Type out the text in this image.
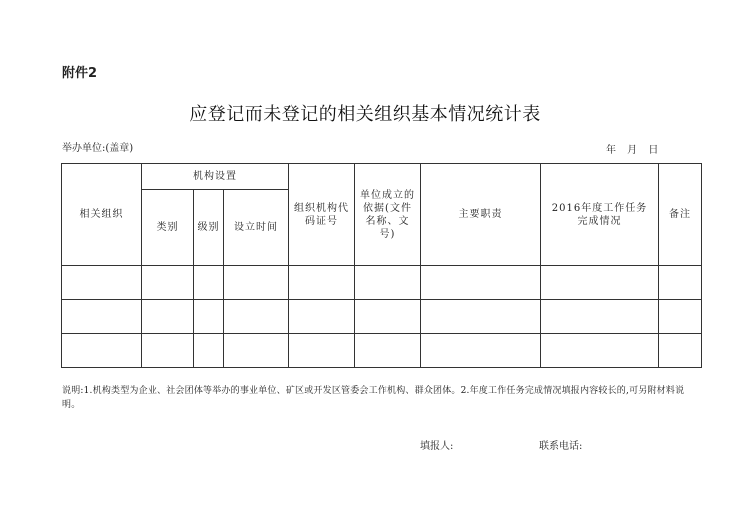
附件2
应登记而未登记的相关组织基本情况统计表
举办单位:(盖章)	年 月 日
相关组织	机构设置			组织机构代码证号	单位成立的依据(文件名称、文号)	主要职责	2016年度工作任务完成情况	备注
	类别	级别	设立时间					

说明:1.机构类型为企业、社会团体等举办的事业单位、矿区或开发区管委会工作机构、群众团体。2.年度工作任务完成情况填报内容较长的,可另附材料说明。
填报人:	联系电话:
